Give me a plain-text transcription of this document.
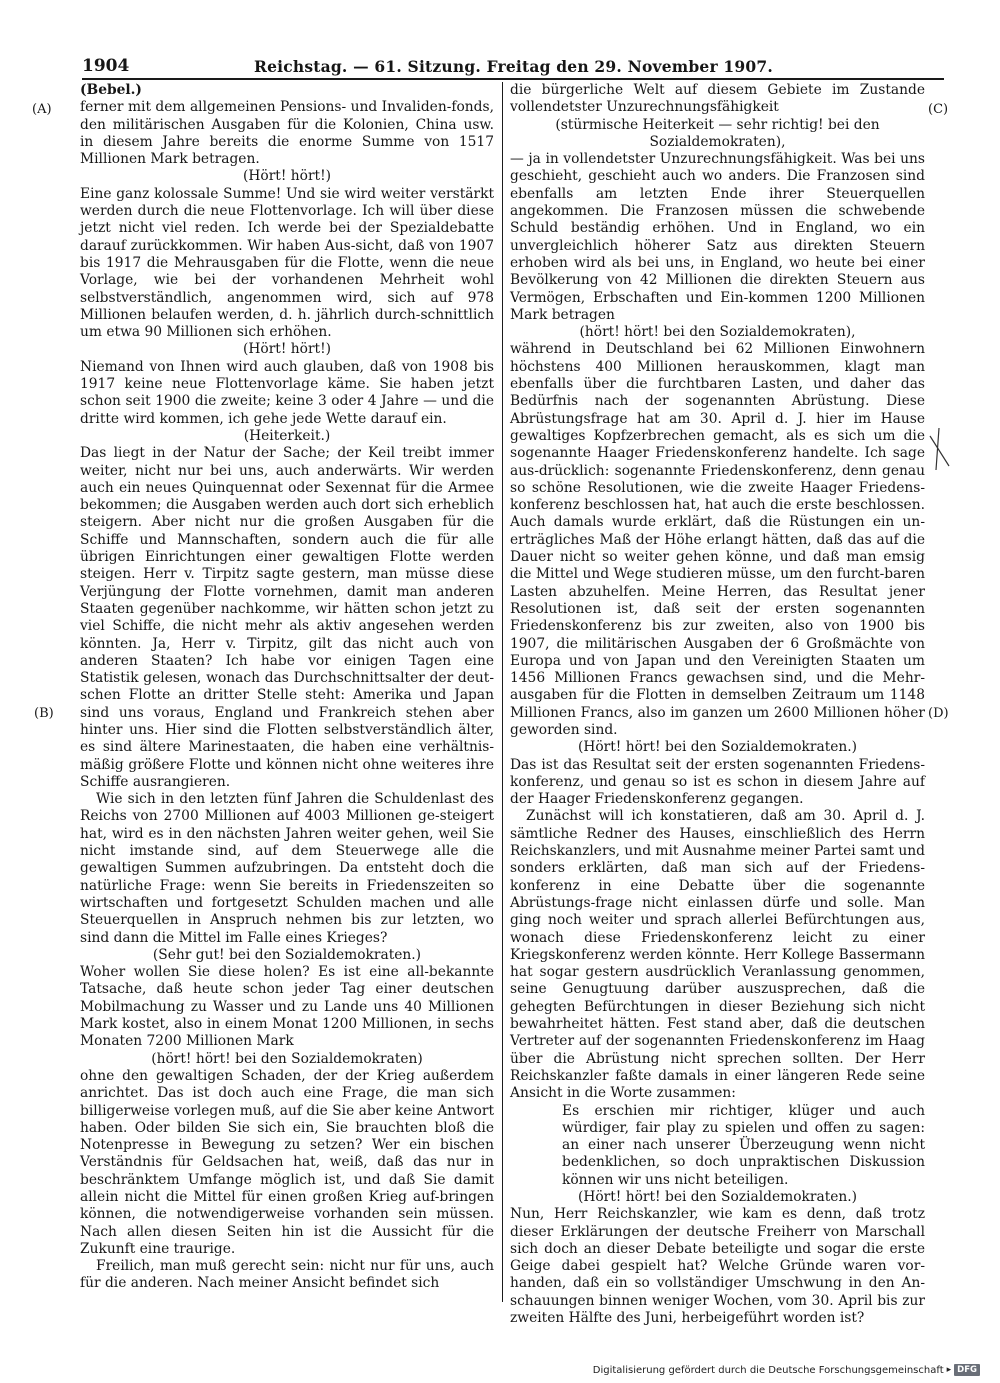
1904	Reichstag. — 61. Sitzung. Freitag den 29. November 1907.
(A)
(B)
(C)
(D)

(Bebel.)

ferner mit dem allgemeinen Pensions- und Invaliden-fonds, den militärischen Ausgaben für die Kolonien, China usw. in diesem Jahre bereits die enorme Summe von 1517 Millionen Mark betragen.

(Hört! hört!)

Eine ganz kolossale Summe! Und sie wird weiter verstärkt werden durch die neue Flottenvorlage. Ich will über diese jetzt nicht viel reden. Ich werde bei der Spezialdebatte darauf zurückkommen. Wir haben Aus-sicht, daß von 1907 bis 1917 die Mehrausgaben für die Flotte, wenn die neue Vorlage, wie bei der vorhandenen Mehrheit wohl selbstverständlich, angenommen wird, sich auf 978 Millionen belaufen werden, d. h. jährlich durch-schnittlich um etwa 90 Millionen sich erhöhen.

(Hört! hört!)

Niemand von Ihnen wird auch glauben, daß von 1908 bis 1917 keine neue Flottenvorlage käme. Sie haben jetzt schon seit 1900 die zweite; keine 3 oder 4 Jahre — und die dritte wird kommen, ich gehe jede Wette darauf ein.

(Heiterkeit.)

Das liegt in der Natur der Sache; der Keil treibt immer weiter, nicht nur bei uns, auch anderwärts. Wir werden auch ein neues Quinquennat oder Sexennat für die Armee bekommen; die Ausgaben werden auch dort sich erheblich steigern. Aber nicht nur die großen Ausgaben für die Schiffe und Mannschaften, sondern auch die für alle übrigen Einrichtungen einer gewaltigen Flotte werden steigen. Herr v. Tirpitz sagte gestern, man müsse diese Verjüngung der Flotte vornehmen, damit man anderen Staaten gegenüber nachkomme, wir hätten schon jetzt zu viel Schiffe, die nicht mehr als aktiv angesehen werden könnten. Ja, Herr v. Tirpitz, gilt das nicht auch von anderen Staaten? Ich habe vor einigen Tagen eine Statistik gelesen, wonach das Durchschnittsalter der deut-schen Flotte an dritter Stelle steht: Amerika und Japan sind uns voraus, England und Frankreich stehen aber hinter uns. Hier sind die Flotten selbstverständlich älter, es sind ältere Marinestaaten, die haben eine verhältnis-mäßig größere Flotte und können nicht ohne weiteres ihre Schiffe ausrangieren.

Wie sich in den letzten fünf Jahren die Schuldenlast des Reichs von 2700 Millionen auf 4003 Millionen ge-steigert hat, wird es in den nächsten Jahren weiter gehen, weil Sie nicht imstande sind, auf dem Steuerwege alle die gewaltigen Summen aufzubringen. Da entsteht doch die natürliche Frage: wenn Sie bereits in Friedenszeiten so wirtschaften und fortgesetzt Schulden machen und alle Steuerquellen in Anspruch nehmen bis zur letzten, wo sind dann die Mittel im Falle eines Krieges?

(Sehr gut! bei den Sozialdemokraten.)

Woher wollen Sie diese holen? Es ist eine all-bekannte Tatsache, daß heute schon jeder Tag einer deutschen Mobilmachung zu Wasser und zu Lande uns 40 Millionen Mark kostet, also in einem Monat 1200 Millionen, in sechs Monaten 7200 Millionen Mark

(hört! hört! bei den Sozialdemokraten)

ohne den gewaltigen Schaden, der der Krieg außerdem anrichtet. Das ist doch auch eine Frage, die man sich billigerweise vorlegen muß, auf die Sie aber keine Antwort haben. Oder bilden Sie sich ein, Sie brauchten bloß die Notenpresse in Bewegung zu setzen? Wer ein bischen Verständnis für Geldsachen hat, weiß, daß das nur in beschränktem Umfange möglich ist, und daß Sie damit allein nicht die Mittel für einen großen Krieg auf-bringen können, die notwendigerweise vorhanden sein müssen. Nach allen diesen Seiten hin ist die Aussicht für die Zukunft eine traurige.

Freilich, man muß gerecht sein: nicht nur für uns, auch für die anderen. Nach meiner Ansicht befindet sich

die bürgerliche Welt auf diesem Gebiete im Zustande vollendetster Unzurechnungsfähigkeit

(stürmische Heiterkeit — sehr richtig! bei den Sozialdemokraten),

— ja in vollendetster Unzurechnungsfähigkeit. Was bei uns geschieht, geschieht auch wo anders. Die Franzosen sind ebenfalls am letzten Ende ihrer Steuerquellen angekommen. Die Franzosen müssen die schwebende Schuld beständig erhöhen. Und in England, wo ein unvergleichlich höherer Satz aus direkten Steuern erhoben wird als bei uns, in England, wo heute bei einer Bevölkerung von 42 Millionen die direkten Steuern aus Vermögen, Erbschaften und Ein-kommen 1200 Millionen Mark betragen

(hört! hört! bei den Sozialdemokraten),

während in Deutschland bei 62 Millionen Einwohnern höchstens 400 Millionen herauskommen, klagt man ebenfalls über die furchtbaren Lasten, und daher das Bedürfnis nach der sogenannten Abrüstung. Diese Abrüstungsfrage hat am 30. April d. J. hier im Hause gewaltiges Kopfzerbrechen gemacht, als es sich um die sogenannte Haager Friedenskonferenz handelte. Ich sage aus-drücklich: sogenannte Friedenskonferenz, denn genau so schöne Resolutionen, wie die zweite Haager Friedens-konferenz beschlossen hat, hat auch die erste beschlossen. Auch damals wurde erklärt, daß die Rüstungen ein un-erträgliches Maß der Höhe erlangt hätten, daß das auf die Dauer nicht so weiter gehen könne, und daß man emsig die Mittel und Wege studieren müsse, um den furcht-baren Lasten abzuhelfen. Meine Herren, das Resultat jener Resolutionen ist, daß seit der ersten sogenannten Friedenskonferenz bis zur zweiten, also von 1900 bis 1907, die militärischen Ausgaben der 6 Großmächte von Europa und von Japan und den Vereinigten Staaten um 1456 Millionen Francs gewachsen sind, und die Mehr-ausgaben für die Flotten in demselben Zeitraum um 1148 Millionen Francs, also im ganzen um 2600 Millionen höher geworden sind.

(Hört! hört! bei den Sozialdemokraten.)

Das ist das Resultat seit der ersten sogenannten Friedens-konferenz, und genau so ist es schon in diesem Jahre auf der Haager Friedenskonferenz gegangen.

Zunächst will ich konstatieren, daß am 30. April d. J. sämtliche Redner des Hauses, einschließlich des Herrn Reichskanzlers, und mit Ausnahme meiner Partei samt und sonders erklärten, daß man sich auf der Friedens-konferenz in eine Debatte über die sogenannte Abrüstungs-frage nicht einlassen dürfe und solle. Man ging noch weiter und sprach allerlei Befürchtungen aus, wonach diese Friedenskonferenz leicht zu einer Kriegskonferenz werden könnte. Herr Kollege Bassermann hat sogar gestern ausdrücklich Veranlassung genommen, seine Genugtuung darüber auszusprechen, daß die gehegten Befürchtungen in dieser Beziehung sich nicht bewahrheitet hätten. Fest stand aber, daß die deutschen Vertreter auf der sogenannten Friedenskonferenz im Haag über die Abrüstung nicht sprechen sollten. Der Herr Reichskanzler faßte damals in einer längeren Rede seine Ansicht in die Worte zusammen:

Es erschien mir richtiger, klüger und auch würdiger, fair play zu spielen und offen zu sagen: an einer nach unserer Überzeugung wenn nicht bedenklichen, so doch unpraktischen Diskussion können wir uns nicht beteiligen.

(Hört! hört! bei den Sozialdemokraten.)

Nun, Herr Reichskanzler, wie kam es denn, daß trotz dieser Erklärungen der deutsche Freiherr von Marschall sich doch an dieser Debate beteiligte und sogar die erste Geige dabei gespielt hat? Welche Gründe waren vor-handen, daß ein so vollständiger Umschwung in den An-schauungen binnen weniger Wochen, vom 30. April bis zur zweiten Hälfte des Juni, herbeigeführt worden ist?

Digitalisierung gefördert durch die Deutsche Forschungsgemeinschaft ▸ DFG
